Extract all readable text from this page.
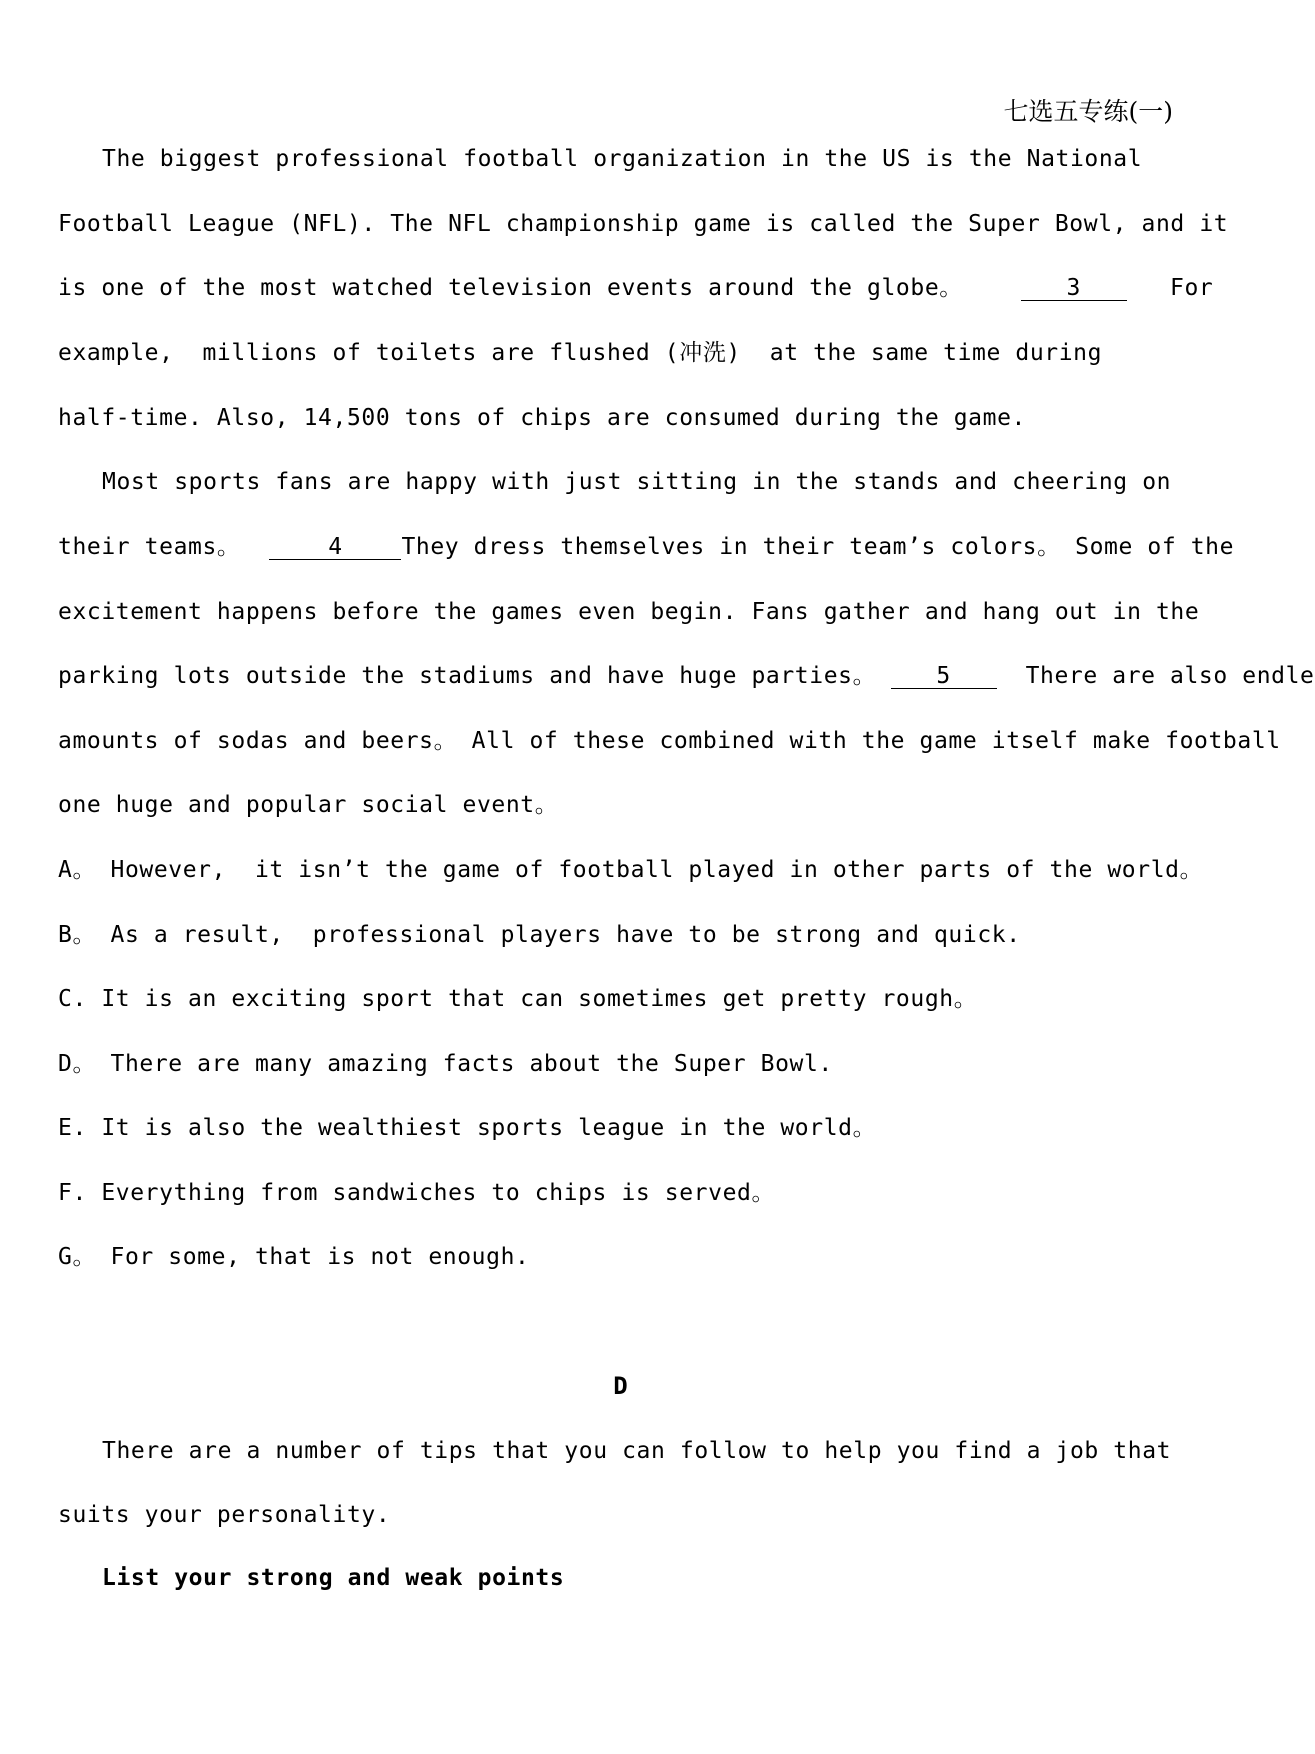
七选五专练(一)
The biggest professional football organization in the US is the National
Football League (NFL). The NFL championship game is called the Super Bowl, and it
is one of the most watched television events around the globe。	3	For
example,  millions of toilets are flushed (冲洗)  at the same time during
half-time. Also, 14,500 tons of chips are consumed during the game.
Most sports fans are happy with just sitting in the stands and cheering on
their teams。	4	They dress themselves in their team’s colors。 Some of the
excitement happens before the games even begin. Fans gather and hang out in the
parking lots outside the stadiums and have huge parties。	5	There are also endle
amounts of sodas and beers。 All of these combined with the game itself make football
one huge and popular social event。
A。 However,  it isn’t the game of football played in other parts of the world。
B。 As a result,  professional players have to be strong and quick.
C. It is an exciting sport that can sometimes get pretty rough。
D。 There are many amazing facts about the Super Bowl.
E. It is also the wealthiest sports league in the world。
F. Everything from sandwiches to chips is served。
G。 For some, that is not enough.
D
There are a number of tips that you can follow to help you find a job that
suits your personality.
List your strong and weak points
